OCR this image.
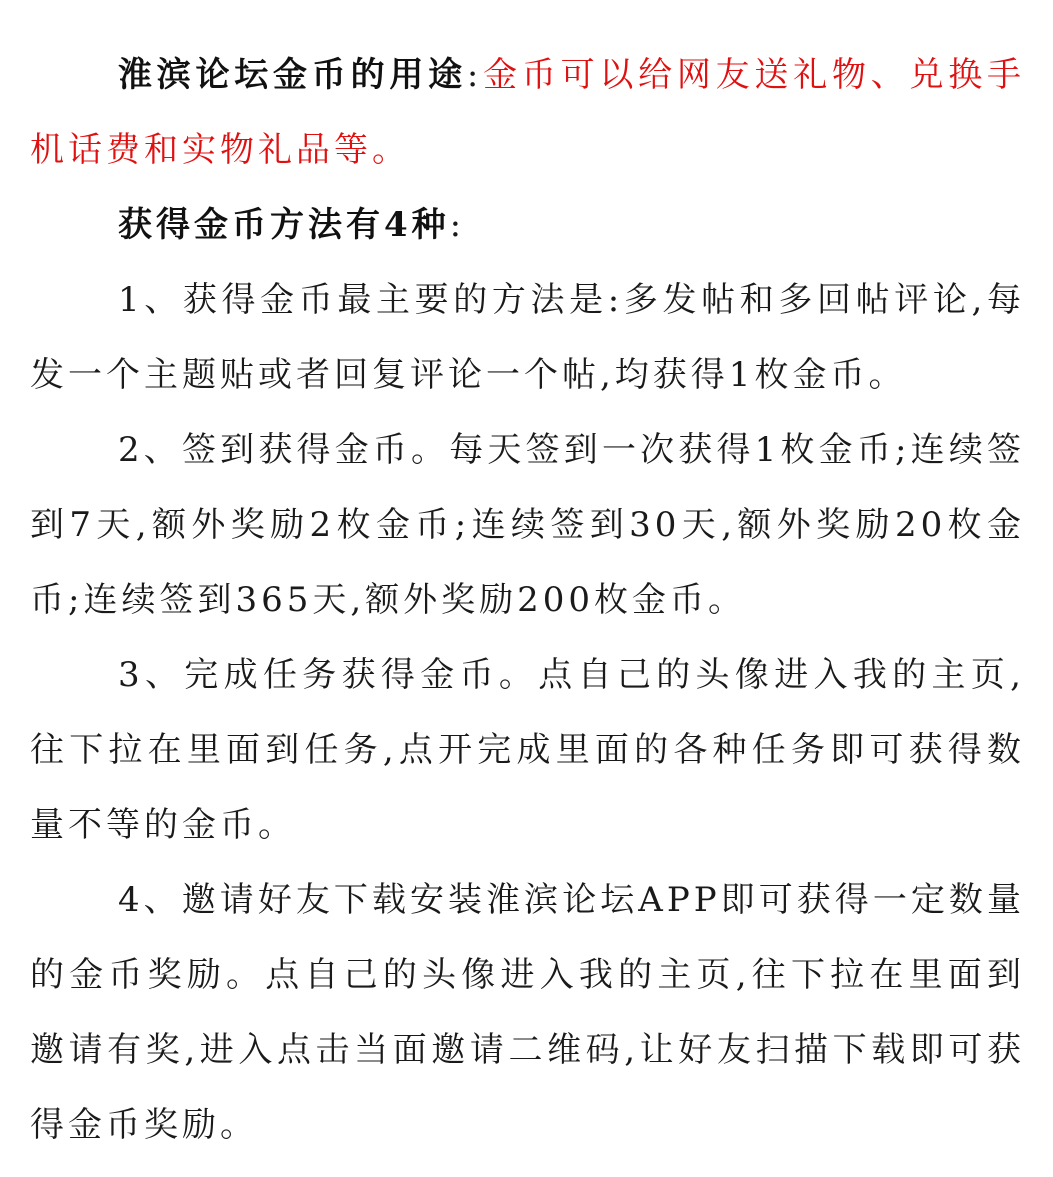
淮滨论坛金币的用途:金币可以给网友送礼物、兑换手机话费和实物礼品等。

获得金币方法有4种:

1、获得金币最主要的方法是:多发帖和多回帖评论,每发一个主题贴或者回复评论一个帖,均获得1枚金币。

2、签到获得金币。每天签到一次获得1枚金币;连续签到7天,额外奖励2枚金币;连续签到30天,额外奖励20枚金币;连续签到365天,额外奖励200枚金币。

3、完成任务获得金币。点自己的头像进入我的主页,往下拉在里面到任务,点开完成里面的各种任务即可获得数量不等的金币。

4、邀请好友下载安装淮滨论坛APP即可获得一定数量的金币奖励。点自己的头像进入我的主页,往下拉在里面到邀请有奖,进入点击当面邀请二维码,让好友扫描下载即可获得金币奖励。
